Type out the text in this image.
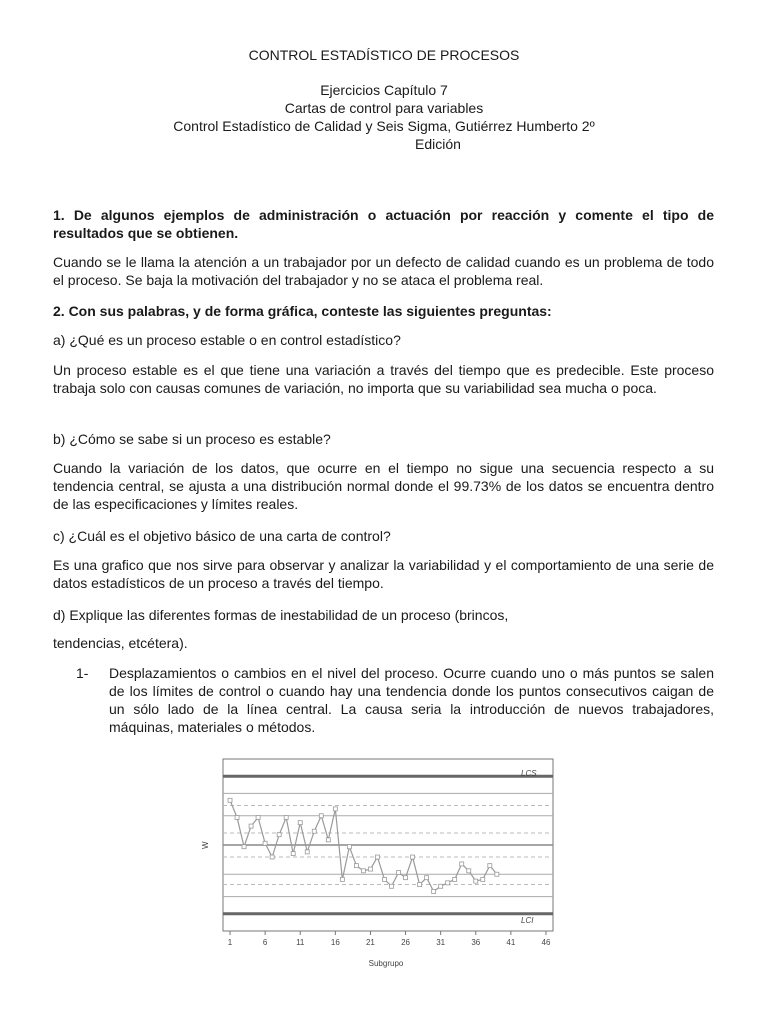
CONTROL ESTADÍSTICO DE PROCESOS
Ejercicios Capítulo 7
Cartas de control para variables
Control Estadístico de Calidad y Seis Sigma, Gutiérrez Humberto 2º
Edición

1. De algunos ejemplos de administración o actuación por reacción y comente el tipo de resultados que se obtienen.

Cuando se le llama la atención a un trabajador por un defecto de calidad cuando es un problema de todo el proceso. Se baja la motivación del trabajador y no se ataca el problema real.

2. Con sus palabras, y de forma gráfica, conteste las siguientes preguntas:

a) ¿Qué es un proceso estable o en control estadístico?

Un proceso estable es el que tiene una variación a través del tiempo que es predecible. Este proceso trabaja solo con causas comunes de variación, no importa que su variabilidad sea mucha o poca.

b) ¿Cómo se sabe si un proceso es estable?

Cuando la variación de los datos, que ocurre en el tiempo no sigue una secuencia respecto a su tendencia central, se ajusta a una distribución normal donde el 99.73% de los datos se encuentra dentro de las especificaciones y límites reales.

c) ¿Cuál es el objetivo básico de una carta de control?

Es una grafico que nos sirve para observar y analizar la variabilidad y el comportamiento de una serie de datos estadísticos de un proceso a través del tiempo.

d) Explique las diferentes formas de inestabilidad de un proceso (brincos,

tendencias, etcétera).

1- Desplazamientos o cambios en el nivel del proceso. Ocurre cuando uno o más puntos se salen de los límites de control o cuando hay una tendencia donde los puntos consecutivos caigan de un sólo lado de la línea central. La causa seria la introducción de nuevos trabajadores, máquinas, materiales o métodos.

1	6	11	16	21	26	31	36	41	46
LCS
LCI
W
Subgrupo
